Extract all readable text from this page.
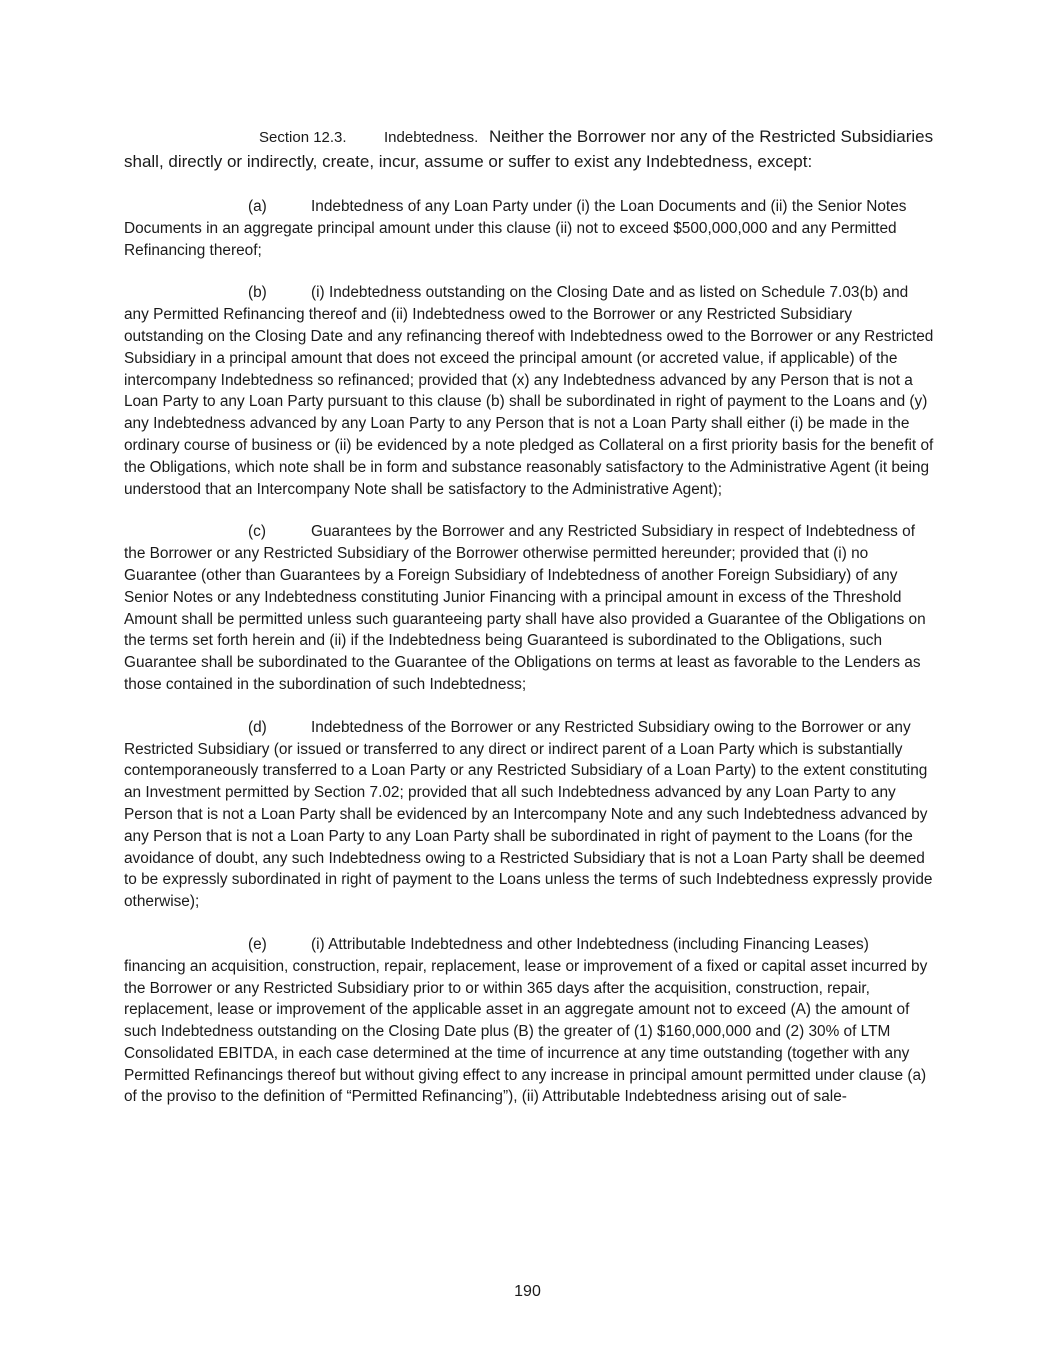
Section 12.3. Indebtedness. Neither the Borrower nor any of the Restricted Subsidiaries shall, directly or indirectly, create, incur, assume or suffer to exist any Indebtedness, except:

(a)	Indebtedness of any Loan Party under (i) the Loan Documents and (ii) the Senior Notes Documents in an aggregate principal amount under this clause (ii) not to exceed $500,000,000 and any Permitted Refinancing thereof;

(b)	(i) Indebtedness outstanding on the Closing Date and as listed on Schedule 7.03(b) and any Permitted Refinancing thereof and (ii) Indebtedness owed to the Borrower or any Restricted Subsidiary outstanding on the Closing Date and any refinancing thereof with Indebtedness owed to the Borrower or any Restricted Subsidiary in a principal amount that does not exceed the principal amount (or accreted value, if applicable) of the intercompany Indebtedness so refinanced; provided that (x) any Indebtedness advanced by any Person that is not a Loan Party to any Loan Party pursuant to this clause (b) shall be subordinated in right of payment to the Loans and (y) any Indebtedness advanced by any Loan Party to any Person that is not a Loan Party shall either (i) be made in the ordinary course of business or (ii) be evidenced by a note pledged as Collateral on a first priority basis for the benefit of the Obligations, which note shall be in form and substance reasonably satisfactory to the Administrative Agent (it being understood that an Intercompany Note shall be satisfactory to the Administrative Agent);

(c)	Guarantees by the Borrower and any Restricted Subsidiary in respect of Indebtedness of the Borrower or any Restricted Subsidiary of the Borrower otherwise permitted hereunder; provided that (i) no Guarantee (other than Guarantees by a Foreign Subsidiary of Indebtedness of another Foreign Subsidiary) of any Senior Notes or any Indebtedness constituting Junior Financing with a principal amount in excess of the Threshold Amount shall be permitted unless such guaranteeing party shall have also provided a Guarantee of the Obligations on the terms set forth herein and (ii) if the Indebtedness being Guaranteed is subordinated to the Obligations, such Guarantee shall be subordinated to the Guarantee of the Obligations on terms at least as favorable to the Lenders as those contained in the subordination of such Indebtedness;

(d)	Indebtedness of the Borrower or any Restricted Subsidiary owing to the Borrower or any Restricted Subsidiary (or issued or transferred to any direct or indirect parent of a Loan Party which is substantially contemporaneously transferred to a Loan Party or any Restricted Subsidiary of a Loan Party) to the extent constituting an Investment permitted by Section 7.02; provided that all such Indebtedness advanced by any Loan Party to any Person that is not a Loan Party shall be evidenced by an Intercompany Note and any such Indebtedness advanced by any Person that is not a Loan Party to any Loan Party shall be subordinated in right of payment to the Loans (for the avoidance of doubt, any such Indebtedness owing to a Restricted Subsidiary that is not a Loan Party shall be deemed to be expressly subordinated in right of payment to the Loans unless the terms of such Indebtedness expressly provide otherwise);

(e)	(i) Attributable Indebtedness and other Indebtedness (including Financing Leases) financing an acquisition, construction, repair, replacement, lease or improvement of a fixed or capital asset incurred by the Borrower or any Restricted Subsidiary prior to or within 365 days after the acquisition, construction, repair, replacement, lease or improvement of the applicable asset in an aggregate amount not to exceed (A) the amount of such Indebtedness outstanding on the Closing Date plus (B) the greater of (1) $160,000,000 and (2) 30% of LTM Consolidated EBITDA, in each case determined at the time of incurrence at any time outstanding (together with any Permitted Refinancings thereof but without giving effect to any increase in principal amount permitted under clause (a) of the proviso to the definition of “Permitted Refinancing”), (ii) Attributable Indebtedness arising out of sale-

190
